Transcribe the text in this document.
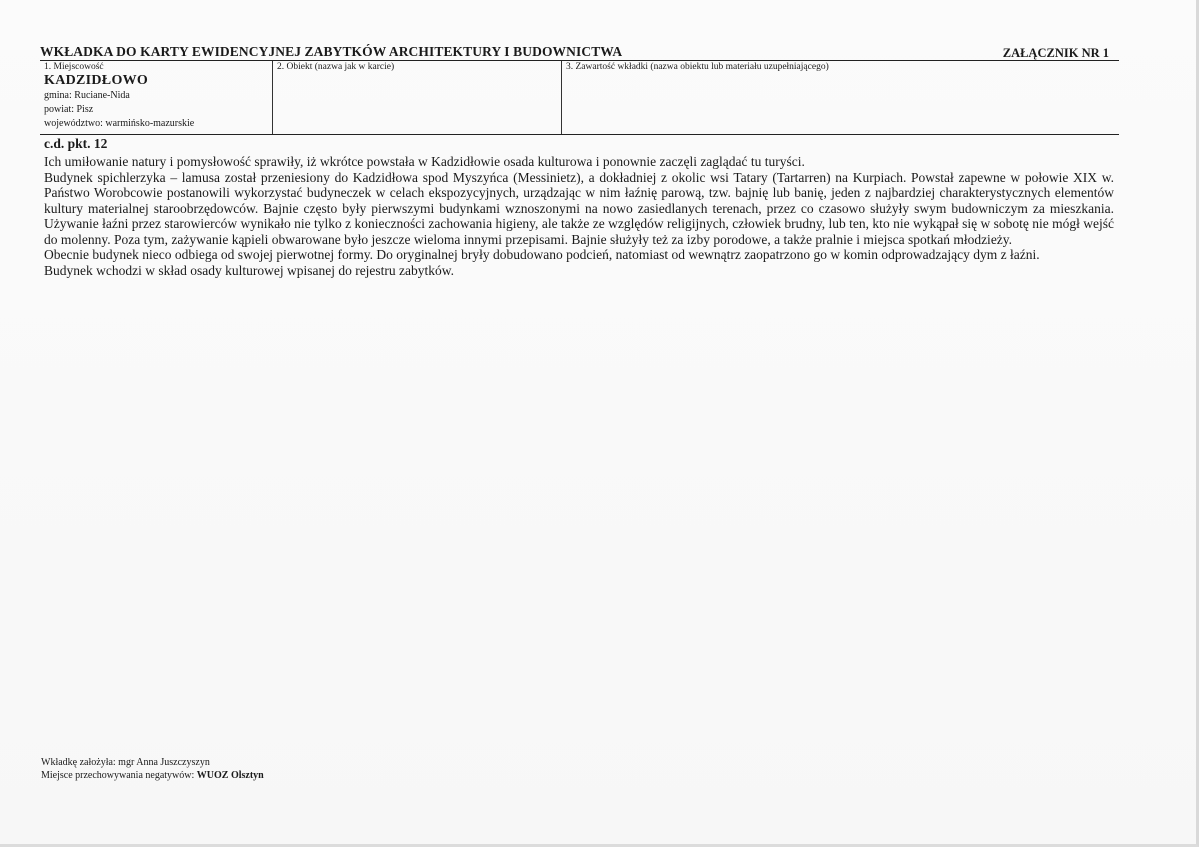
WKŁADKA DO KARTY EWIDENCYJNEJ ZABYTKÓW ARCHITEKTURY I BUDOWNICTWA	ZAŁĄCZNIK NR 1
1. Miejscowość
KADZIDŁOWO
gmina: Ruciane-Nida
powiat: Pisz
województwo: warmińsko-mazurskie
2. Obiekt (nazwa jak w karcie)	3. Zawartość wkładki (nazwa obiektu lub materiału uzupełniającego)
c.d. pkt. 12

Ich umiłowanie natury i pomysłowość sprawiły, iż wkrótce powstała w Kadzidłowie osada kulturowa i ponownie zaczęli zaglądać tu turyści.

Budynek spichlerzyka – lamusa został przeniesiony do Kadzidłowa spod Myszyńca (Messinietz), a dokładniej z okolic wsi Tatary (Tartarren) na Kurpiach. Powstał zapewne w połowie XIX w. Państwo Worobcowie postanowili wykorzystać budyneczek w celach ekspozycyjnych, urządzając w nim łaźnię parową, tzw. bajnię lub banię, jeden z najbardziej charakterystycznych elementów kultury materialnej staroobrzędowców. Bajnie często były pierwszymi budynkami wznoszonymi na nowo zasiedlanych terenach, przez co czasowo służyły swym budowniczym za mieszkania. Używanie łaźni przez starowierców wynikało nie tylko z konieczności zachowania higieny, ale także ze względów religijnych, człowiek brudny, lub ten, kto nie wykąpał się w sobotę nie mógł wejść do molenny. Poza tym, zażywanie kąpieli obwarowane było jeszcze wieloma innymi przepisami. Bajnie służyły też za izby porodowe, a także pralnie i miejsca spotkań młodzieży.

Obecnie budynek nieco odbiega od swojej pierwotnej formy. Do oryginalnej bryły dobudowano podcień, natomiast od wewnątrz zaopatrzono go w komin odprowadzający dym z łaźni.

Budynek wchodzi w skład osady kulturowej wpisanej do rejestru zabytków.

Wkładkę założyła: mgr Anna Juszczyszyn
Miejsce przechowywania negatywów: WUOZ Olsztyn
